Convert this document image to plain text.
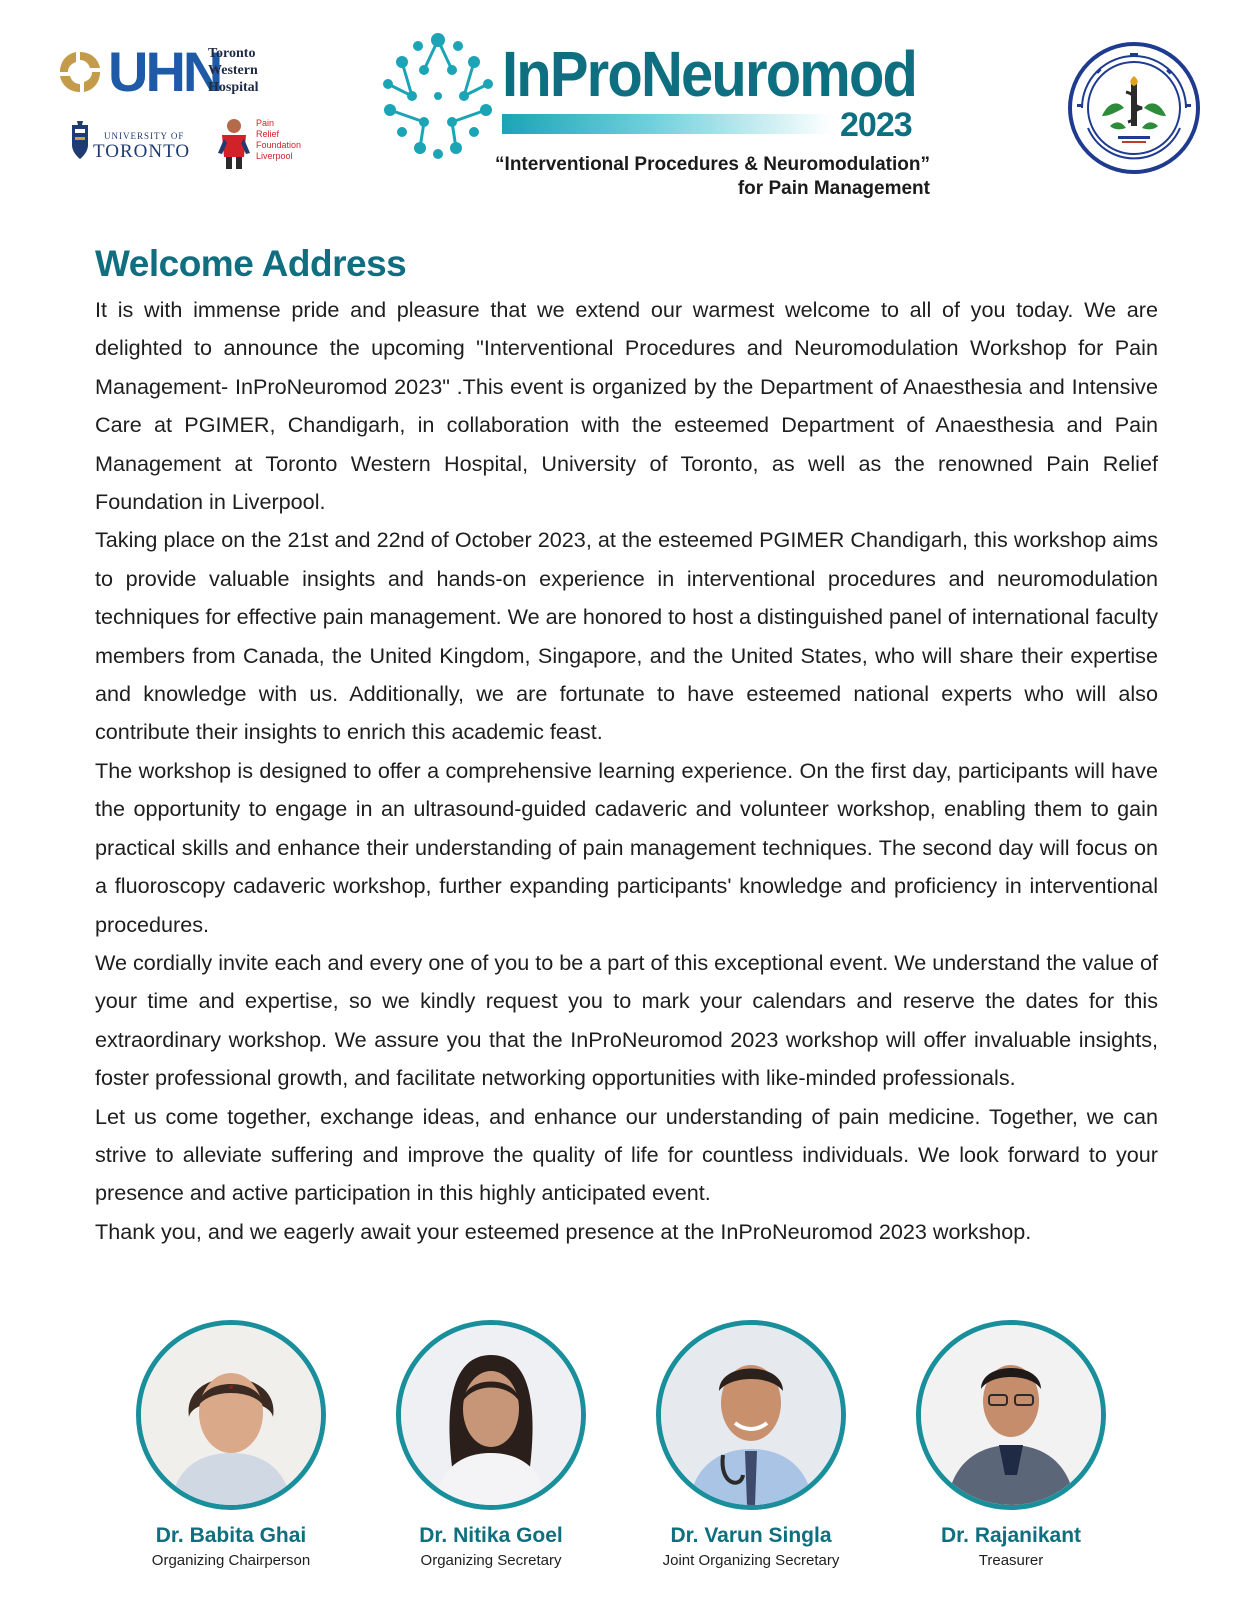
UHN
Toronto
Western
Hospital
UNIVERSITY OF
TORONTO
Pain
Relief
Foundation
Liverpool
InProNeuromod
2023
“Interventional Procedures & Neuromodulation”
for Pain Management
Welcome Address

It is with immense pride and pleasure that we extend our warmest welcome to all of you today. We are delighted to announce the upcoming "Interventional Procedures and Neuromodulation Workshop for Pain Management- InProNeuromod 2023" .This event is organized by the Department of Anaesthesia and Intensive Care at PGIMER, Chandigarh, in collaboration with the esteemed Department of Anaesthesia and Pain Management at Toronto Western Hospital, University of Toronto, as well as the renowned Pain Relief Foundation in Liverpool.

Taking place on the 21st and 22nd of October 2023, at the esteemed PGIMER Chandigarh, this workshop aims to provide valuable insights and hands-on experience in interventional procedures and neuromodulation techniques for effective pain management. We are honored to host a distinguished panel of international faculty members from Canada, the United Kingdom, Singapore, and the United States, who will share their expertise and knowledge with us. Additionally, we are fortunate to have esteemed national experts who will also contribute their insights to enrich this academic feast.

The workshop is designed to offer a comprehensive learning experience. On the first day, participants will have the opportunity to engage in an ultrasound-guided cadaveric and volunteer workshop, enabling them to gain practical skills and enhance their understanding of pain management techniques. The second day will focus on a fluoroscopy cadaveric workshop, further expanding participants' knowledge and proficiency in interventional procedures.

We cordially invite each and every one of you to be a part of this exceptional event. We understand the value of your time and expertise, so we kindly request you to mark your calendars and reserve the dates for this extraordinary workshop. We assure you that the InProNeuromod 2023 workshop will offer invaluable insights, foster professional growth, and facilitate networking opportunities with like-minded professionals.

Let us come together, exchange ideas, and enhance our understanding of pain medicine. Together, we can strive to alleviate suffering and improve the quality of life for countless individuals. We look forward to your presence and active participation in this highly anticipated event.

Thank you, and we eagerly await your esteemed presence at the InProNeuromod 2023 workshop.

Dr. Babita Ghai
Organizing Chairperson
Dr. Nitika Goel
Organizing Secretary
Dr. Varun Singla
Joint Organizing Secretary
Dr. Rajanikant
Treasurer
